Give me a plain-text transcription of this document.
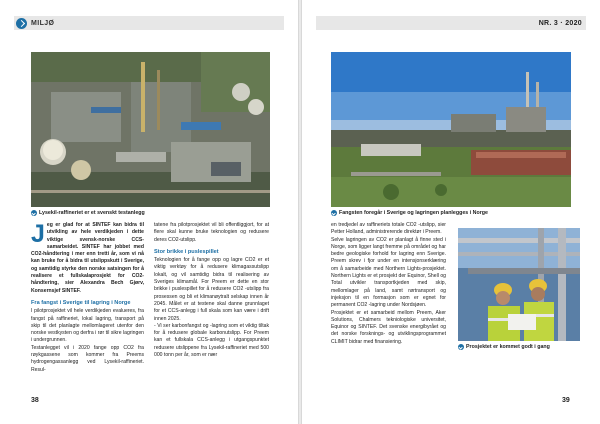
MILJØ
Lysekil-raffineriet er et svenskt testanlegg

Jeg er glad for at SINTEF kan bidra til utvikling av hele verdikjeden i dette viktige svensk-norske CCS-samarbeidet. SINTEF har jobbet med CO2-håndtering i mer enn tretti år, som vi nå kan bruke for å bidra til utslippskutt i Sverige, og samtidig styrke den norske satsingen for å realisere et fullskalaprosjekt for CO2-håndtering, sier Alexandra Bech Gjørv, Konsernsjef SINTEF.

Fra fangst i Sverige til lagring i Norge

I pilotprosjektet vil hele verdikjeden evalueres, fra fangst på raffineriet, lokal lagring, transport på skip til det planlagte mellomlageret utenfor den norske vestkysten og derfra i rør til sikre lagringen i undergrunnen.

Testanlegget vil i 2020 fange opp CO2 fra røykgassene som kommer fra Preems hydrogengassanlegg ved Lysekil-raffineriet. Resul-

tatene fra pilotprosjektet vil bli offentliggjort, for at flere skal kunne bruke teknologien og redusere deres CO2-utslipp.

Stor brikke i puslespillet

Teknologien for å fange opp og lagre CO2 er et viktig verktøy for å redusere klimagassutslipp lokalt, og vil samtidig bidra til realisering av Sveriges klimamål. For Preem er dette en stor brikke i puslespillet for å redusere CO2 -utslipp fra prosessen og bli et klimanøytralt selskap innen år 2045. Målet er at testene skal danne grunnlaget for et CCS-anlegg i full skala som kan være i drift innen 2025.

- Vi ser karbonfangst og -lagring som et viktig tiltak for å redusere globale karbonutslipp. For Preem kan et fullskala CCS-anlegg i utgangspunktet redusere utslippene fra Lysekil-raffineriet med 500 000 tonn per år, som er nær

38
NR. 3 · 2020
Fangsten foregår i Sverige og lagringen planlegges i Norge

en tredjedel av raffineriets totale CO2 -utslipp, sier Petter Holland, administrerende direktør i Preem.

Selve lagringen av CO2 er planlagt å finne sted i Norge, som ligger langt fremme på området og har bedre geologiske forhold for lagring enn Sverige. Preem skrev i fjor under en intensjonserklæring om å samarbeide med Northern Lights-prosjektet. Northern Lights er et prosjekt der Equinor, Shell og Total utvikler transportkjeden med skip, mellomlager på land, samt rørtransport og injeksjon til en formasjon som er egnet for permanent CO2 -lagring under Nordsjøen.

Prosjektet er et samarbeid mellom Preem, Aker Solutions, Chalmers tekniologiske universitet, Equinor og SINTEF. Det svenske energibyrået og det norske forsknings- og utviklingsprogrammet CLIMIT bidrar med finansiering.

Prosjektet er kommet godt i gang
39
